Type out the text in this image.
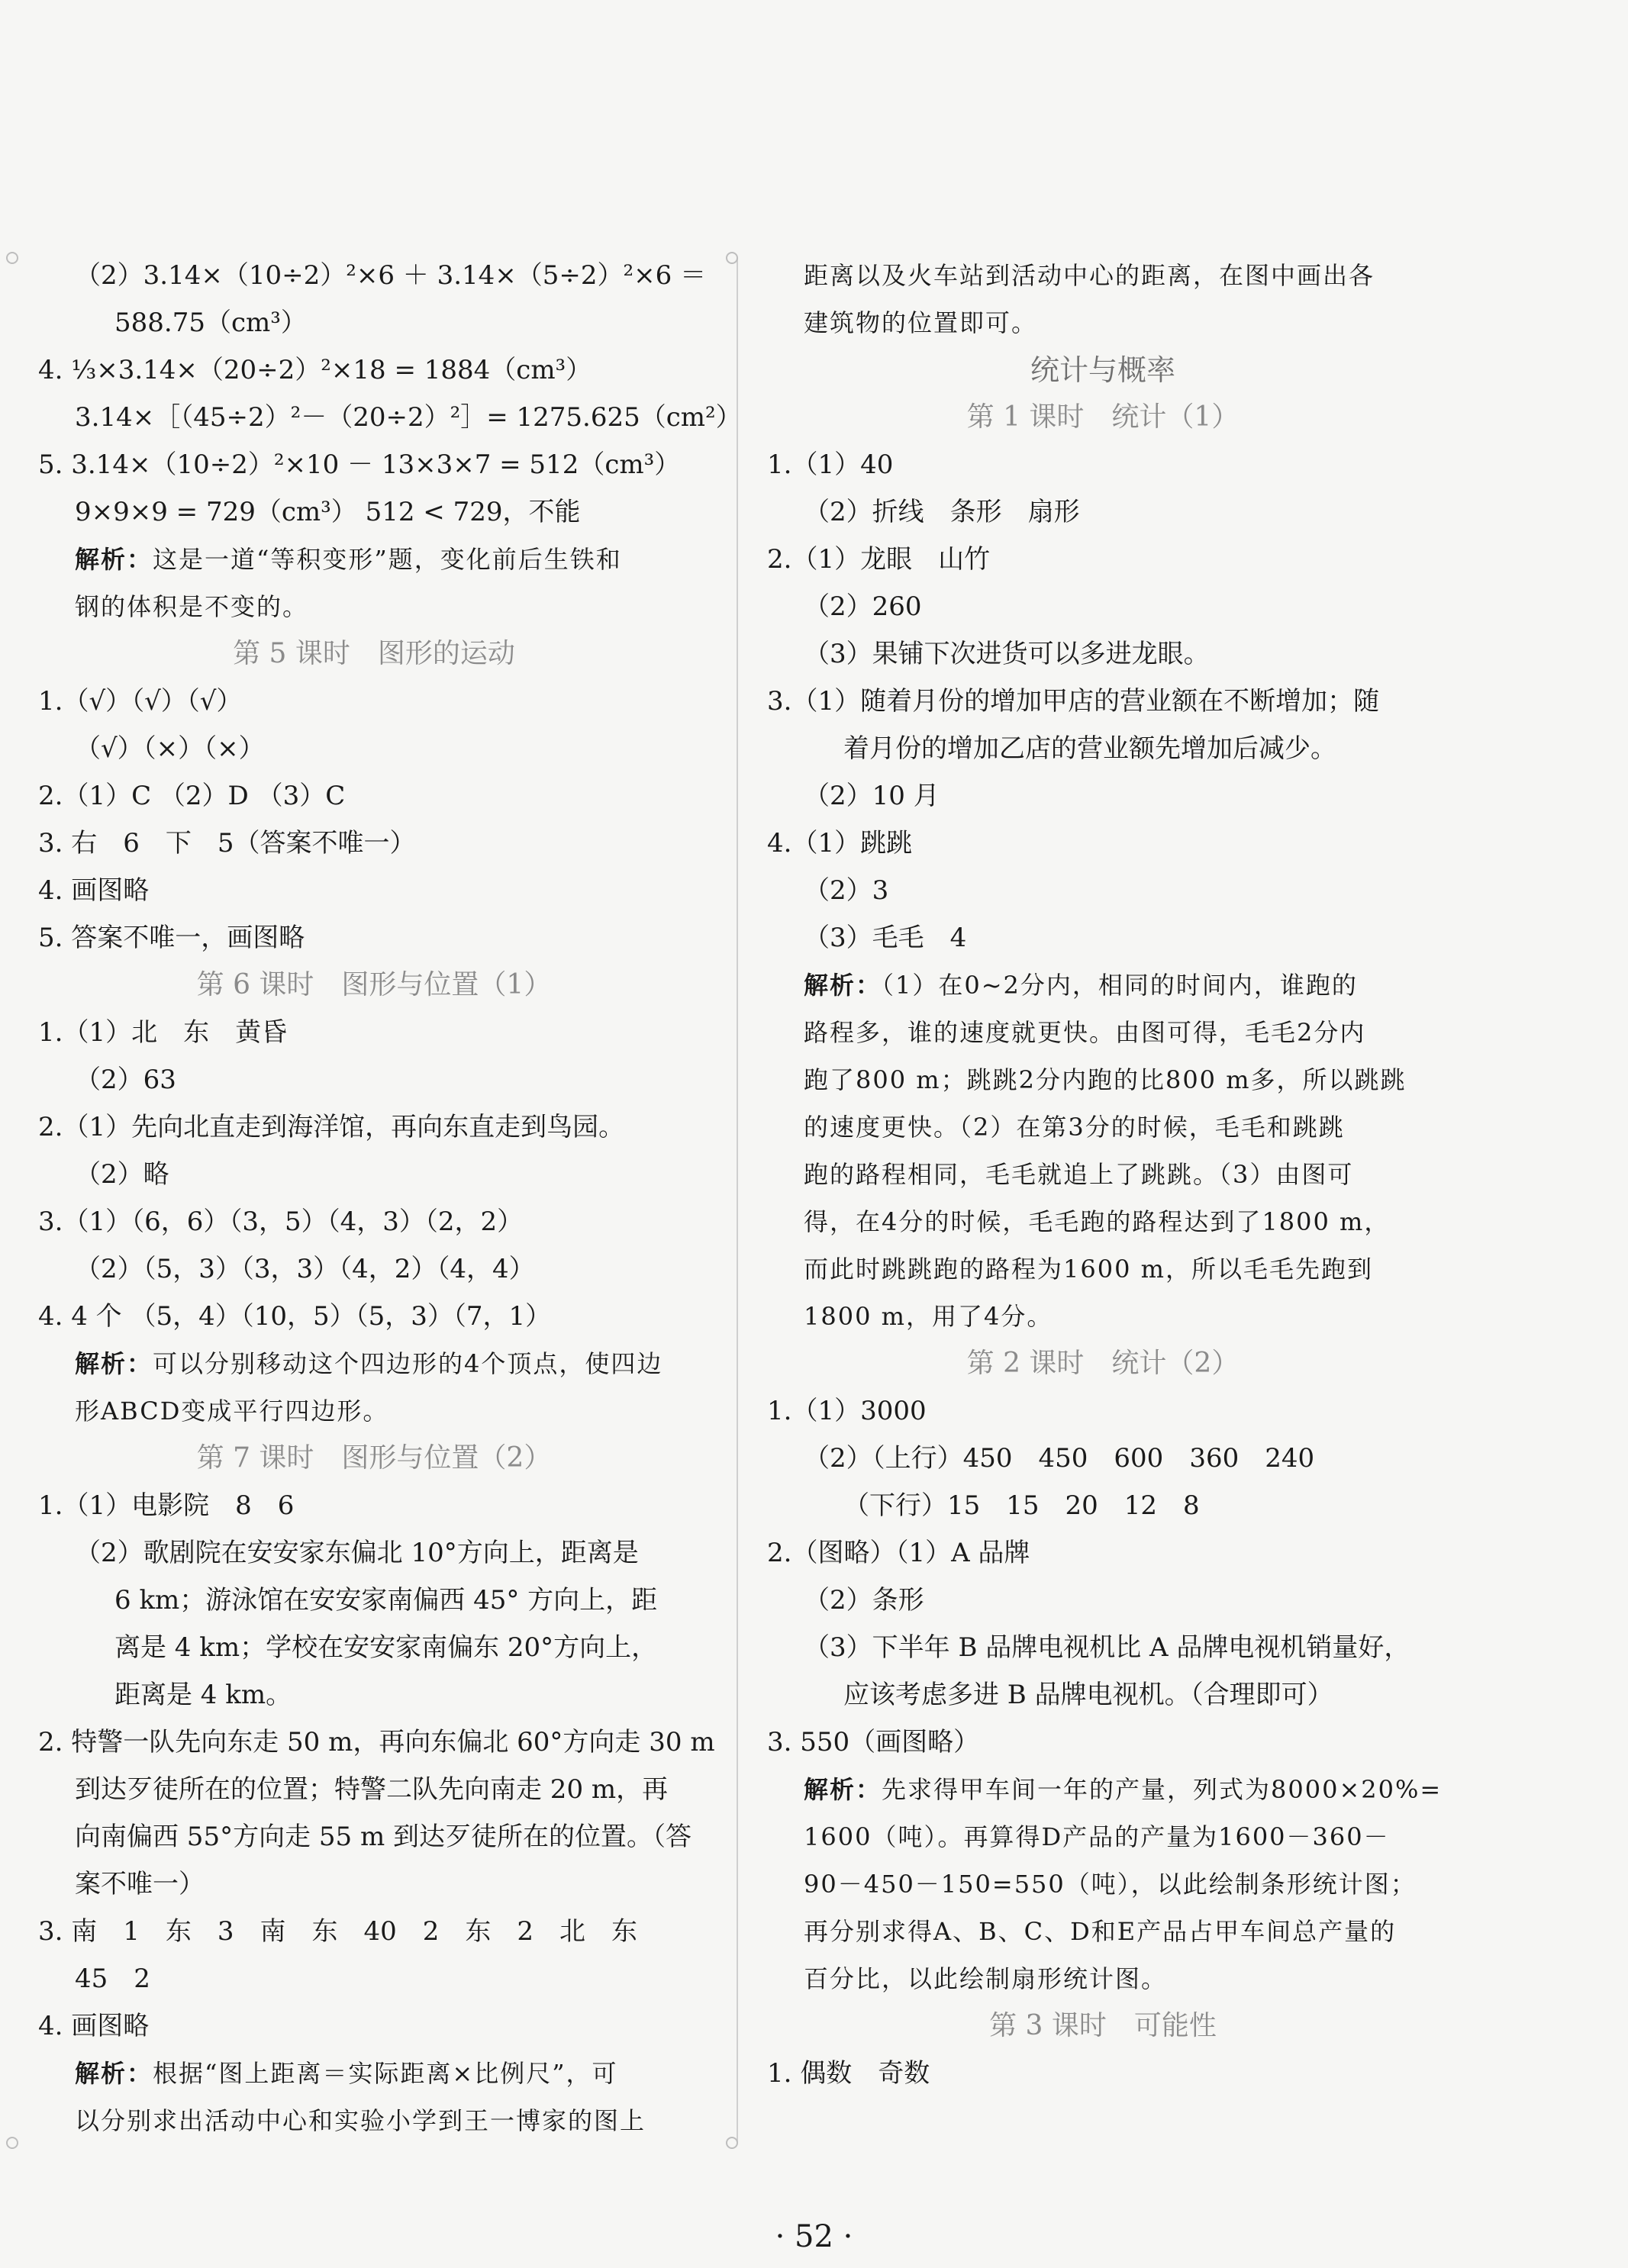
（2）3.14×（10÷2）²×6 ＋ 3.14×（5÷2）²×6 ＝
588.75（cm³）
4. ⅓×3.14×（20÷2）²×18 = 1884（cm³）
3.14×［（45÷2）²－（20÷2）²］= 1275.625（cm²）
5. 3.14×（10÷2）²×10 － 13×3×7 = 512（cm³）
9×9×9 = 729（cm³） 512 < 729，不能
解析：这是一道“等积变形”题，变化前后生铁和
钢的体积是不变的。
第 5 课时　图形的运动
1.（√）（√）（√）
（√）（×）（×）
2.（1）C （2）D （3）C
3. 右　6　下　5（答案不唯一）
4. 画图略
5. 答案不唯一，画图略
第 6 课时　图形与位置（1）
1.（1）北　东　黄昏
（2）63
2.（1）先向北直走到海洋馆，再向东直走到鸟园。
（2）略
3.（1）（6，6）（3，5）（4，3）（2，2）
（2）（5，3）（3，3）（4，2）（4，4）
4. 4 个 （5，4）（10，5）（5，3）（7，1）
解析：可以分别移动这个四边形的4个顶点，使四边
形ABCD变成平行四边形。
第 7 课时　图形与位置（2）
1.（1）电影院　8　6
（2）歌剧院在安安家东偏北 10°方向上，距离是
6 km；游泳馆在安安家南偏西 45° 方向上，距
离是 4 km；学校在安安家南偏东 20°方向上，
距离是 4 km。
2. 特警一队先向东走 50 m，再向东偏北 60°方向走 30 m
到达歹徒所在的位置；特警二队先向南走 20 m，再
向南偏西 55°方向走 55 m 到达歹徒所在的位置。（答
案不唯一）
3. 南　1　东　3　南　东　40　2　东　2　北　东
45　2
4. 画图略
解析：根据“图上距离＝实际距离×比例尺”，可
以分别求出活动中心和实验小学到王一博家的图上
距离以及火车站到活动中心的距离，在图中画出各
建筑物的位置即可。
统计与概率
第 1 课时　统计（1）
1.（1）40
（2）折线　条形　扇形
2.（1）龙眼　山竹
（2）260
（3）果铺下次进货可以多进龙眼。
3.（1）随着月份的增加甲店的营业额在不断增加；随
着月份的增加乙店的营业额先增加后减少。
（2）10 月
4.（1）跳跳
（2）3
（3）毛毛　4
解析：（1）在0~2分内，相同的时间内，谁跑的
路程多，谁的速度就更快。由图可得，毛毛2分内
跑了800 m；跳跳2分内跑的比800 m多，所以跳跳
的速度更快。（2）在第3分的时候，毛毛和跳跳
跑的路程相同，毛毛就追上了跳跳。（3）由图可
得，在4分的时候，毛毛跑的路程达到了1800 m，
而此时跳跳跑的路程为1600 m，所以毛毛先跑到
1800 m，用了4分。
第 2 课时　统计（2）
1.（1）3000
（2）（上行）450　450　600　360　240
（下行）15　15　20　12　8
2.（图略）（1）A 品牌
（2）条形
（3）下半年 B 品牌电视机比 A 品牌电视机销量好，
应该考虑多进 B 品牌电视机。（合理即可）
3. 550（画图略）
解析：先求得甲车间一年的产量，列式为8000×20%=
1600（吨）。再算得D产品的产量为1600－360－
90－450－150=550（吨），以此绘制条形统计图；
再分别求得A、B、C、D和E产品占甲车间总产量的
百分比，以此绘制扇形统计图。
第 3 课时　可能性
1. 偶数　奇数
· 52 ·
